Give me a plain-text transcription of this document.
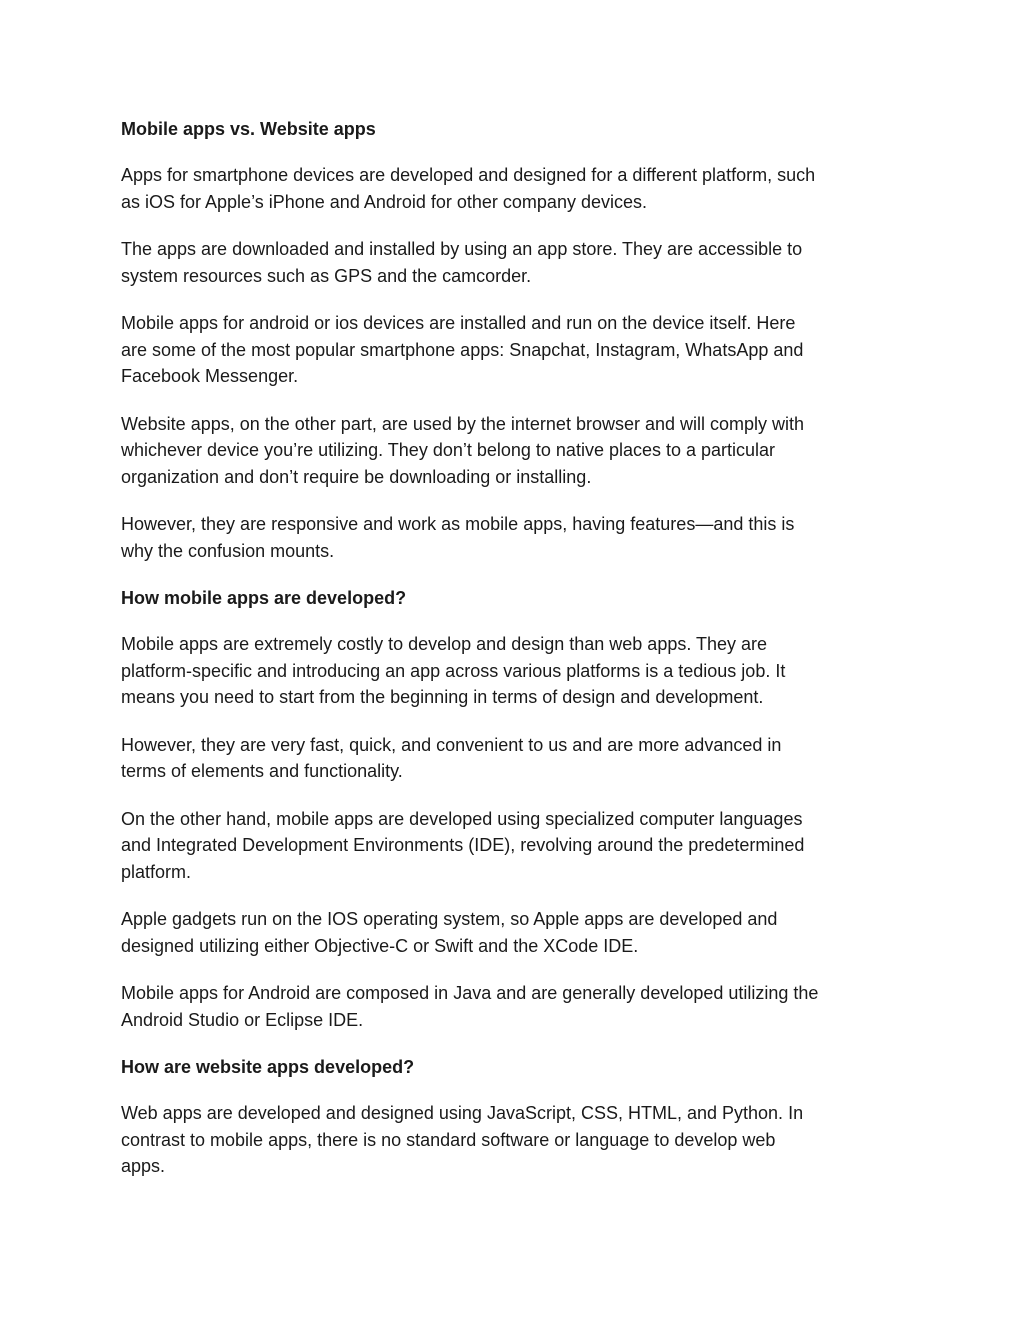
Mobile apps vs. Website apps
Apps for smartphone devices are developed and designed for a different platform, such
as iOS for Apple’s iPhone and Android for other company devices.
The apps are downloaded and installed by using an app store. They are accessible to
system resources such as GPS and the camcorder.
Mobile apps for android or ios devices are installed and run on the device itself. Here
are some of the most popular smartphone apps: Snapchat, Instagram, WhatsApp and
Facebook Messenger.
Website apps, on the other part, are used by the internet browser and will comply with
whichever device you’re utilizing. They don’t belong to native places to a particular
organization and don’t require be downloading or installing.
However, they are responsive and work as mobile apps, having features—and this is
why the confusion mounts.
How mobile apps are developed?
Mobile apps are extremely costly to develop and design than web apps. They are
platform-specific and introducing an app across various platforms is a tedious job. It
means you need to start from the beginning in terms of design and development.
However, they are very fast, quick, and convenient to us and are more advanced in
terms of elements and functionality.
On the other hand, mobile apps are developed using specialized computer languages
and Integrated Development Environments (IDE), revolving around the predetermined
platform.
Apple gadgets run on the IOS operating system, so Apple apps are developed and
designed utilizing either Objective-C or Swift and the XCode IDE.
Mobile apps for Android are composed in Java and are generally developed utilizing the
Android Studio or Eclipse IDE.
How are website apps developed?
Web apps are developed and designed using JavaScript, CSS, HTML, and Python. In
contrast to mobile apps, there is no standard software or language to develop web
apps.
